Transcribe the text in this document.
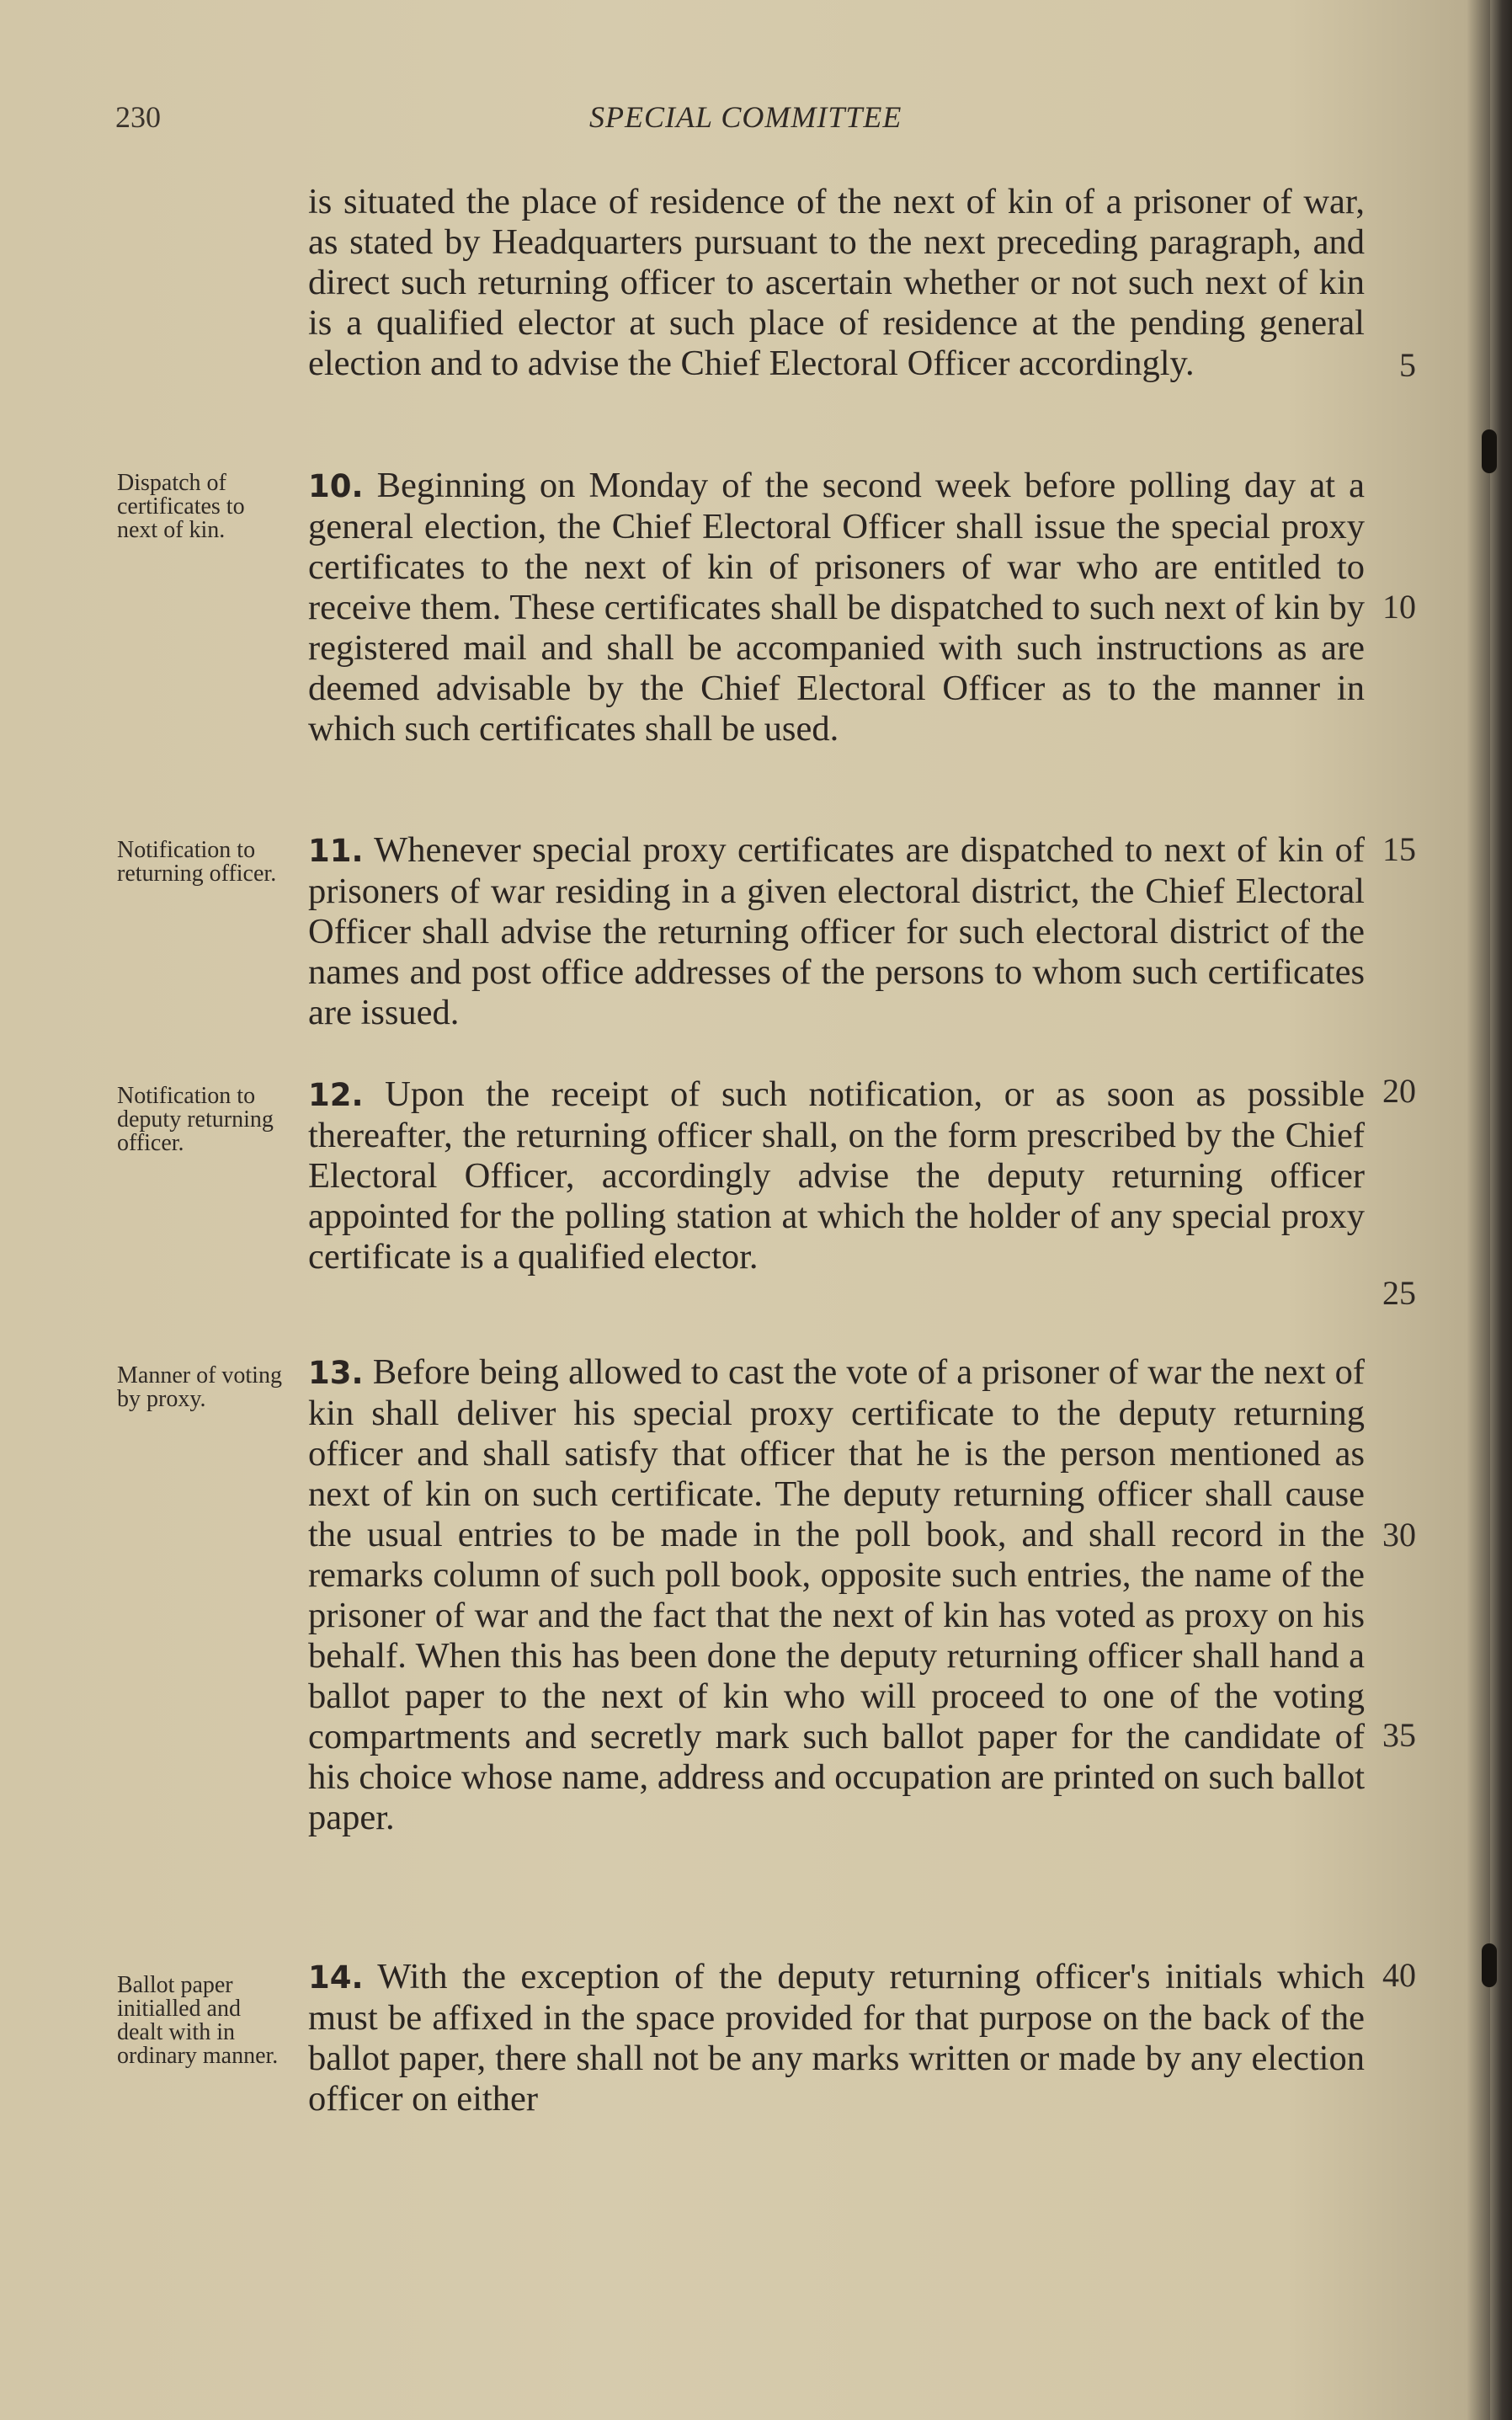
230	SPECIAL COMMITTEE
is situated the place of residence of the next of kin of a prisoner of war, as stated by Headquarters pursuant to the next preceding paragraph, and direct such returning officer to ascertain whether or not such next of kin is a qualified elector at such place of residence at the pending general election and to advise the Chief Electoral Officer accordingly.
Dispatch of certificates to next of kin.
10. Beginning on Monday of the second week before polling day at a general election, the Chief Electoral Officer shall issue the special proxy certificates to the next of kin of prisoners of war who are entitled to receive them. These certificates shall be dispatched to such next of kin by registered mail and shall be accompanied with such instructions as are deemed advisable by the Chief Electoral Officer as to the manner in which such certificates shall be used.
Notification to returning officer.
11. Whenever special proxy certificates are dispatched to next of kin of prisoners of war residing in a given electoral district, the Chief Electoral Officer shall advise the returning officer for such electoral district of the names and post office addresses of the persons to whom such certificates are issued.
Notification to deputy returning officer.
12. Upon the receipt of such notification, or as soon as possible thereafter, the returning officer shall, on the form prescribed by the Chief Electoral Officer, accordingly advise the deputy returning officer appointed for the polling station at which the holder of any special proxy certificate is a qualified elector.
Manner of voting by proxy.
13. Before being allowed to cast the vote of a prisoner of war the next of kin shall deliver his special proxy certificate to the deputy returning officer and shall satisfy that officer that he is the person mentioned as next of kin on such certificate. The deputy returning officer shall cause the usual entries to be made in the poll book, and shall record in the remarks column of such poll book, opposite such entries, the name of the prisoner of war and the fact that the next of kin has voted as proxy on his behalf. When this has been done the deputy returning officer shall hand a ballot paper to the next of kin who will proceed to one of the voting compartments and secretly mark such ballot paper for the candidate of his choice whose name, address and occupation are printed on such ballot paper.
Ballot paper initialled and dealt with in ordinary manner.
14. With the exception of the deputy returning officer's initials which must be affixed in the space provided for that purpose on the back of the ballot paper, there shall not be any marks written or made by any election officer on either
5
10
15
20
25
30
35
40
